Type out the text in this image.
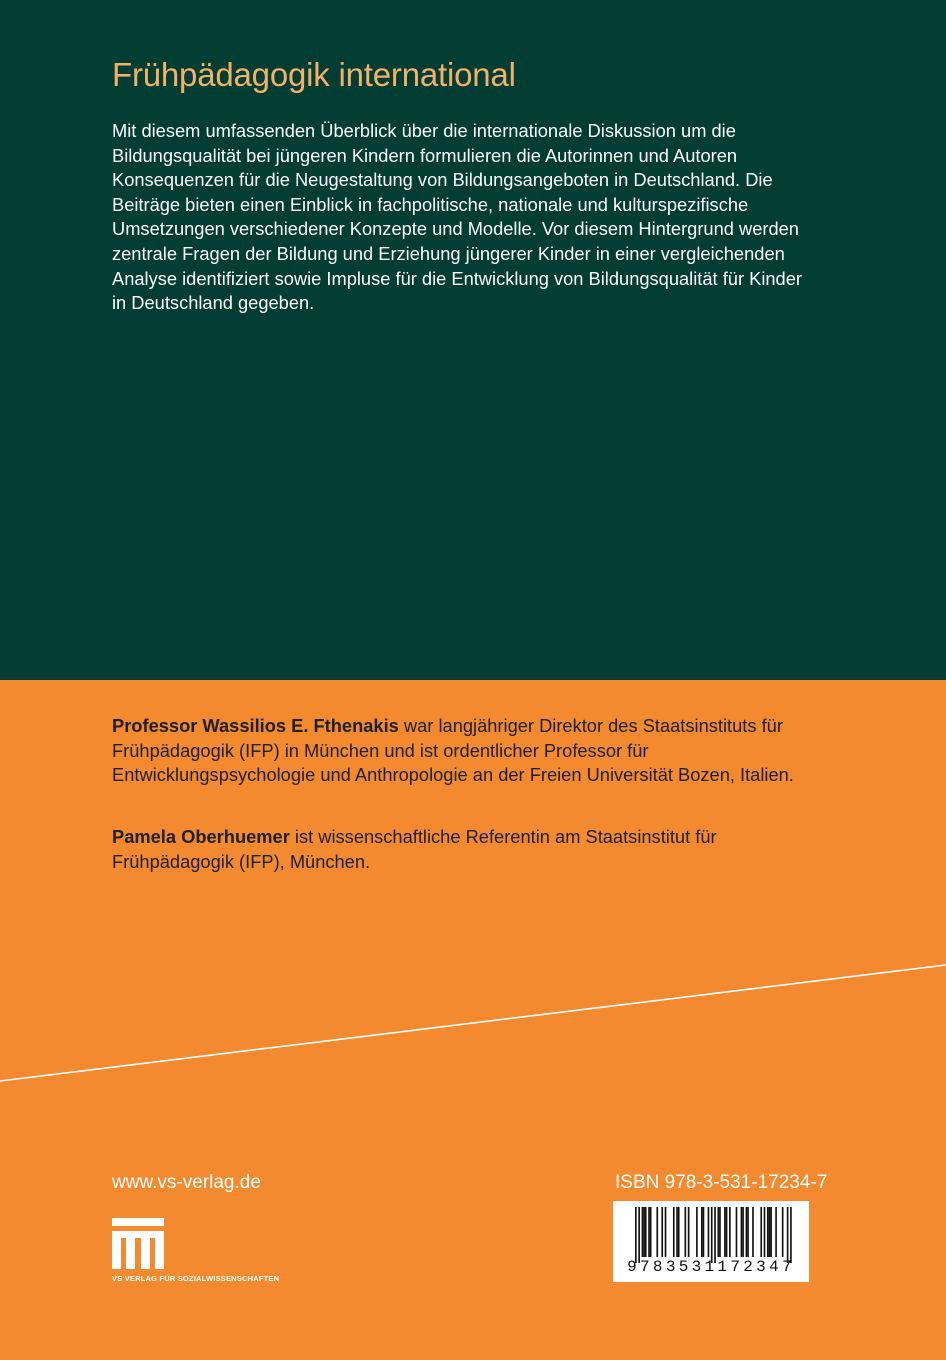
Frühpädagogik international

Mit diesem umfassenden Überblick über die internationale Diskussion um die Bildungsqualität bei jüngeren Kindern formulieren die Autorinnen und Autoren Konsequenzen für die Neugestaltung von Bildungsangeboten in Deutschland. Die Beiträge bieten einen Einblick in fachpolitische, nationale und kulturspezifische Umsetzungen verschiedener Konzepte und Modelle. Vor diesem Hintergrund werden zentrale Fragen der Bildung und Erziehung jüngerer Kinder in einer vergleichenden Analyse identifiziert sowie Impluse für die Entwicklung von Bildungsqualität für Kinder in Deutschland gegeben.

Professor Wassilios E. Fthenakis war langjähriger Direktor des Staatsinstituts für Frühpädagogik (IFP) in München und ist ordentlicher Professor für Entwicklungspsychologie und Anthropologie an der Freien Universität Bozen, Italien.

Pamela Oberhuemer ist wissenschaftliche Referentin am Staatsinstitut für Frühpädagogik (IFP), München.

www.vs-verlag.de
VS VERLAG FÜR SOZIALWISSENSCHAFTEN
ISBN 978-3-531-17234-7
9783531172347
